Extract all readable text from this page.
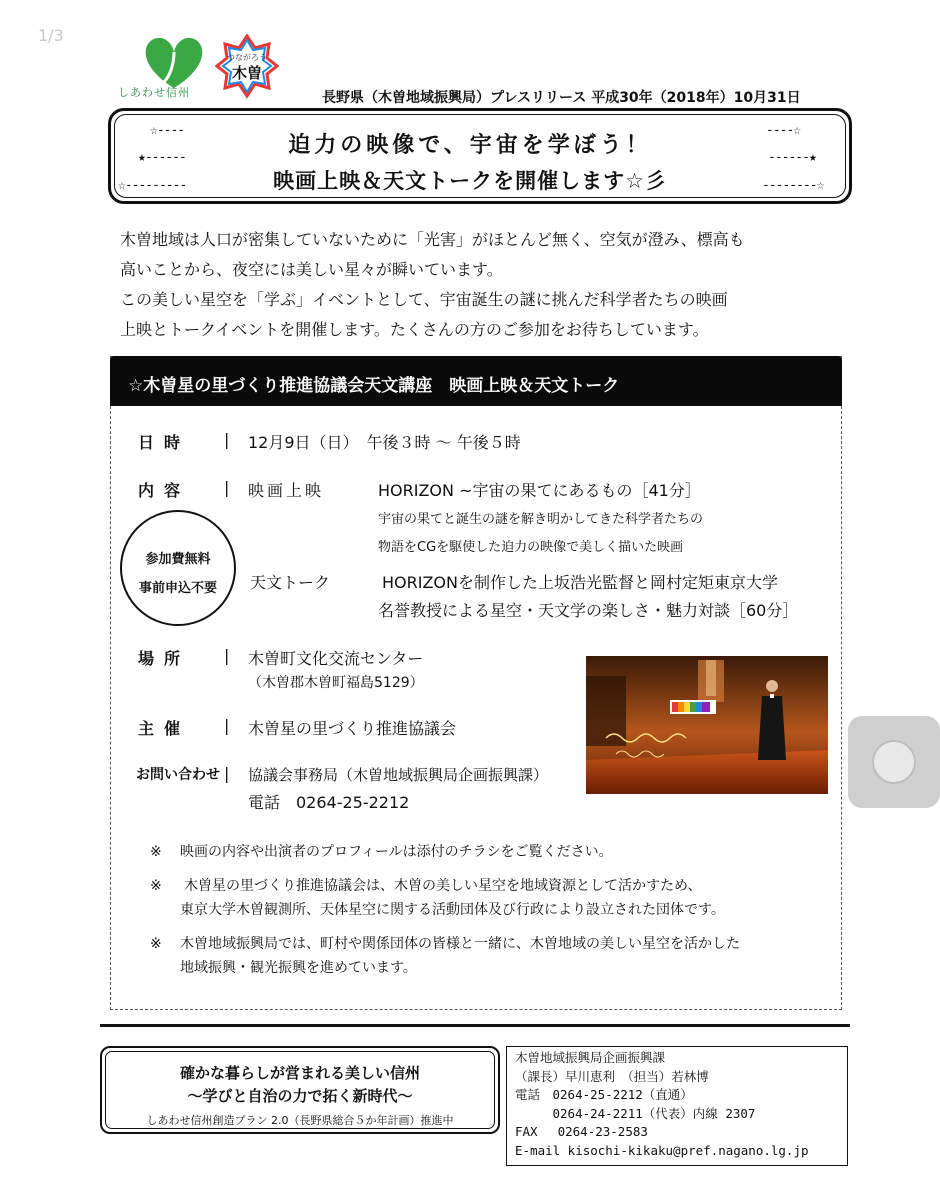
1/3
しあわせ信州
つながろう
木曽
長野県（木曽地域振興局）プレスリリース 平成30年（2018年）10月31日
☆----
★------
☆---------
----☆
------★
--------☆
迫力の映像で、宇宙を学ぼう！
映画上映＆天文トークを開催します☆彡
木曽地域は人口が密集していないために「光害」がほとんど無く、空気が澄み、標高も
高いことから、夜空には美しい星々が瞬いています。
この美しい星空を「学ぶ」イベントとして、宇宙誕生の謎に挑んだ科学者たちの映画
上映とトークイベントを開催します。たくさんの方のご参加をお待ちしています。
☆木曽星の里づくり推進協議会天文講座　映画上映＆天文トーク
日時 | 12月9日（日）　午後３時 ～ 午後５時
内容 | 映画上映	HORIZON ~宇宙の果てにあるもの［41分］
宇宙の果てと誕生の謎を解き明かしてきた科学者たちの
物語をCGを駆使した迫力の映像で美しく描いた映画
参加費無料
事前申込不要	天文トーク	HORIZONを制作した上坂浩光監督と岡村定矩東京大学
名誉教授による星空・天文学の楽しさ・魅力対談［60分］
場所 | 木曽町文化交流センター
（木曽郡木曽町福島5129）
主催 | 木曽星の里づくり推進協議会
お問い合わせ | 協議会事務局（木曽地域振興局企画振興課）
電話　0264-25-2212
※ 映画の内容や出演者のプロフィールは添付のチラシをご覧ください。
※ 木曽星の里づくり推進協議会は、木曽の美しい星空を地域資源として活かすため、
東京大学木曽観測所、天体星空に関する活動団体及び行政により設立された団体です。
※ 木曽地域振興局では、町村や関係団体の皆様と一緒に、木曽地域の美しい星空を活かした
地域振興・観光振興を進めています。
確かな暮らしが営まれる美しい信州
～学びと自治の力で拓く新時代～
しあわせ信州創造プラン 2.0（長野県総合５か年計画）推進中
木曽地域振興局企画振興課
（課長）早川恵利　（担当）若林博
電話　0264-25-2212（直通）
　　　0264-24-2211（代表）内線 2307
FAX　 0264-23-2583
E-mail kisochi-kikaku@pref.nagano.lg.jp
